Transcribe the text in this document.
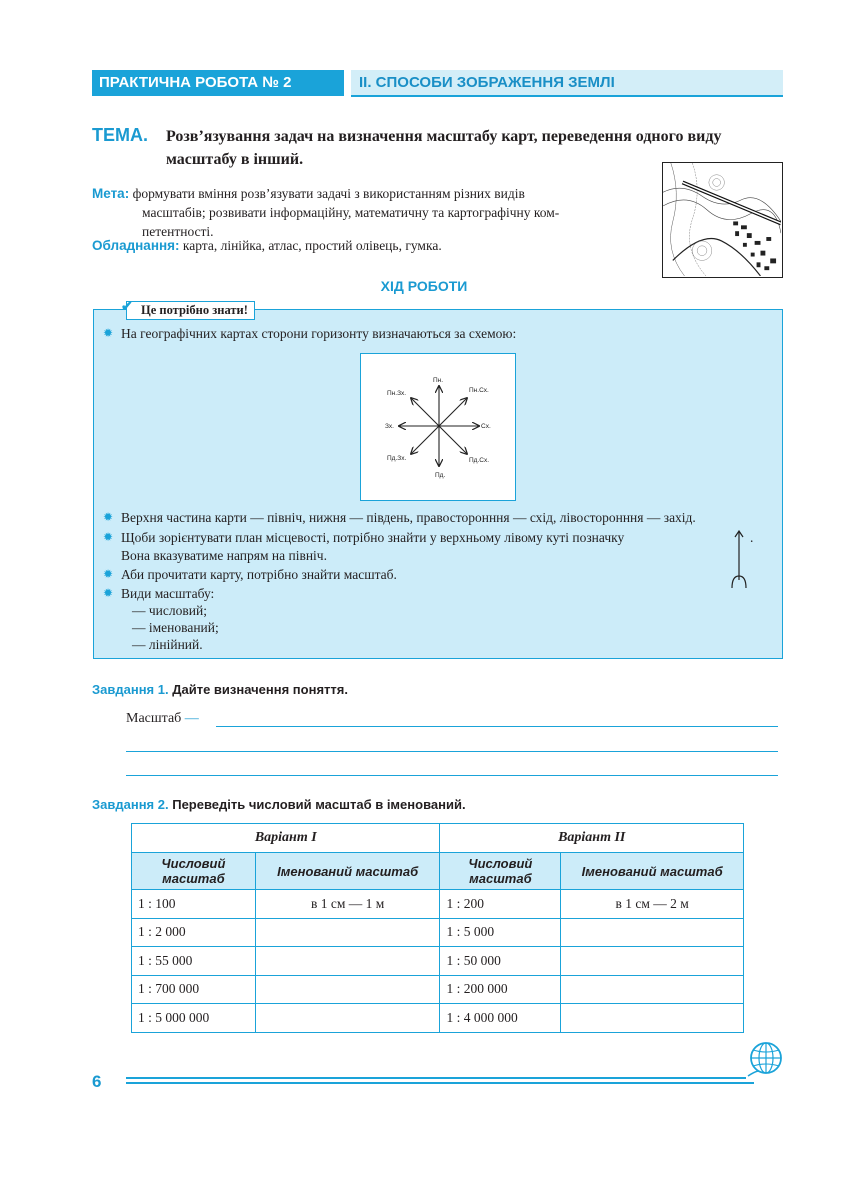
ПРАКТИЧНА РОБОТА № 2	ІІ. СПОСОБИ ЗОБРАЖЕННЯ ЗЕМЛІ
ТЕМА. Розв’язування задач на визначення масштабу карт, переведення одного виду масштабу в інший.
Мета: формувати вміння розв’язувати задачі з використанням різних видів
масштабів; розвивати інформаційну, математичну та картографічну ком-
петентності.
Обладнання: карта, лінійка, атлас, простий олівець, гумка.
ХІД РОБОТИ
✔ Це потрібно знати!
✹ На географічних картах сторони горизонту визначаються за схемою:
Пн.
Пн.Сх.
Сх.
Пд.Сх.
Пд.
Пд.Зх.
Зх.
Пн.Зх.
✹ Верхня частина карти — північ, нижня — південь, правосторонння — схід, лівосторонння — захід.
✹ Щоби зорієнтувати план місцевості, потрібно знайти у верхньому лівому куті позначку	.
Вона вказуватиме напрям на північ.
✹ Аби прочитати карту, потрібно знайти масштаб.
✹ Види масштабу:
— числовий;
— іменований;
— лінійний.
Завдання 1. Дайте визначення поняття.
Масштаб —
Завдання 2. Переведіть числовий масштаб в іменований.
Варіант I		Варіант II	
Числовий масштаб	Іменований масштаб	Числовий масштаб	Іменований масштаб
1 : 100	в 1 см — 1 м	1 : 200	в 1 см — 2 м
1 : 2 000		1 : 5 000	
1 : 55 000		1 : 50 000	
1 : 700 000		1 : 200 000	
1 : 5 000 000		1 : 4 000 000	
6
